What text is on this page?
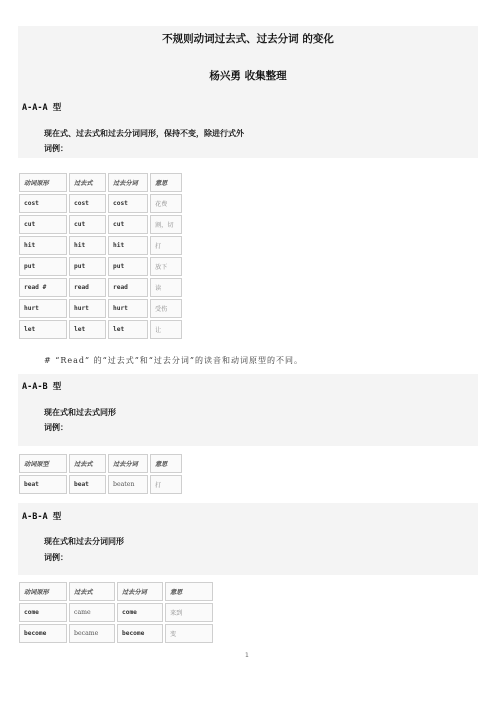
不规则动词过去式、过去分词 的变化
杨兴勇 收集整理
A-A-A 型
现在式、过去式和过去分词同形，保持不变，除进行式外
词例：
动词原形	过去式	过去分词	意思
cost	cost	cost	花费
cut	cut	cut	割，切
hit	hit	hit	打
put	put	put	放下
read #	read	read	读
hurt	hurt	hurt	受伤
let	let	let	让
# “Read” 的“过去式”和“过去分词”的读音和动词原型的不同。
A-A-B 型
现在式和过去式同形
词例：
动词原型	过去式	过去分词	意思
beat	beat	beaten	打
A-B-A 型
现在式和过去分词同形
词例：
动词原形	过去式	过去分词	意思
come	came	come	来到
become	became	become	变
1
